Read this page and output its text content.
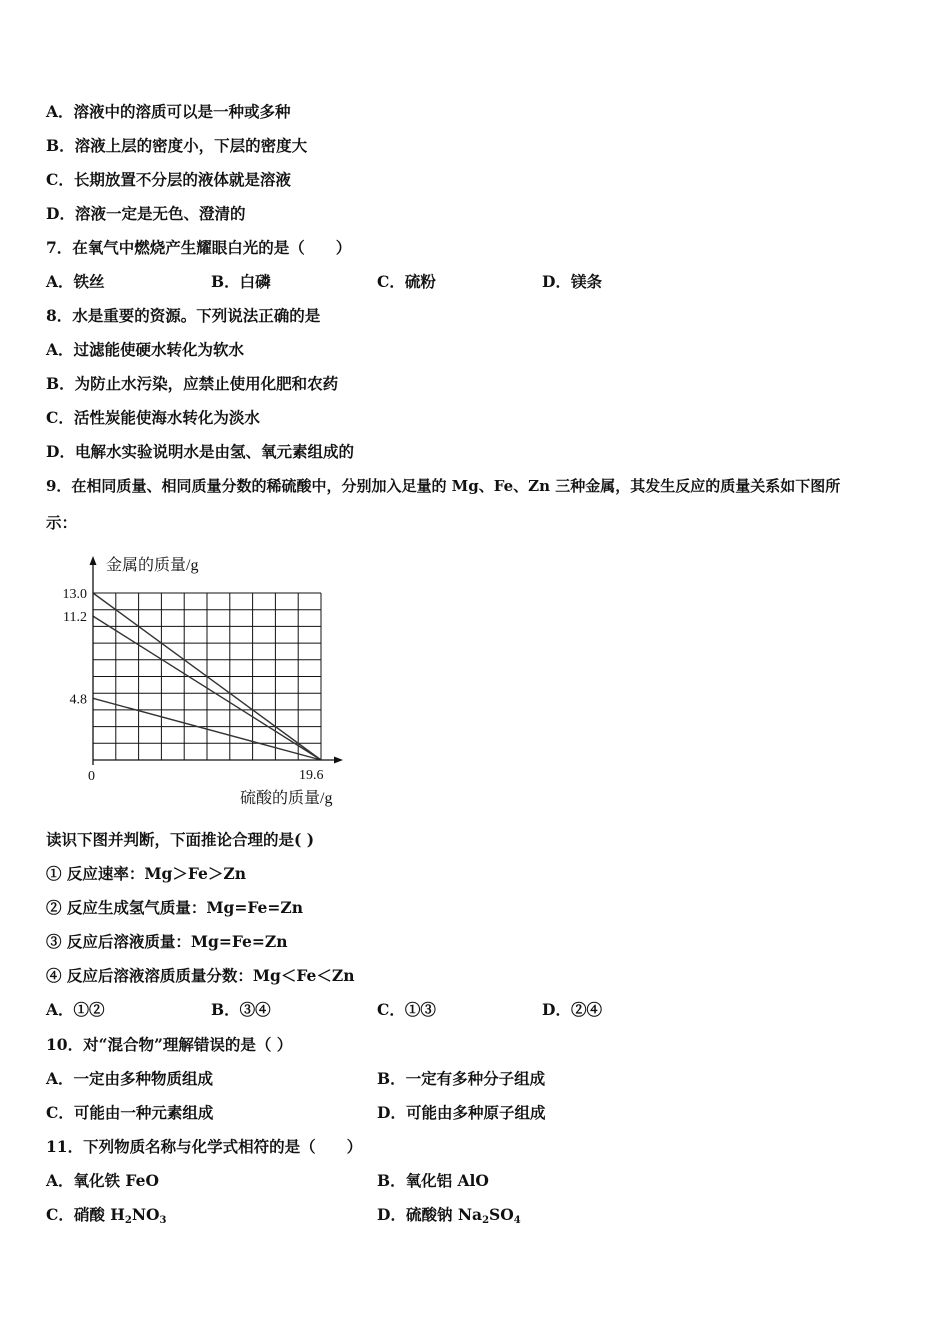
A．溶液中的溶质可以是一种或多种
B．溶液上层的密度小，下层的密度大
C．长期放置不分层的液体就是溶液
D．溶液一定是无色、澄清的
7．在氧气中燃烧产生耀眼白光的是（　　）
A．铁丝	B．白磷	C．硫粉	D．镁条
8．水是重要的资源。下列说法正确的是
A．过滤能使硬水转化为软水
B．为防止水污染，应禁止使用化肥和农药
C．活性炭能使海水转化为淡水
D．电解水实验说明水是由氢、氧元素组成的
9．在相同质量、相同质量分数的稀硫酸中，分别加入足量的 Mg、Fe、Zn 三种金属，其发生反应的质量关系如下图所
示：
金属的质量/g
硫酸的质量/g
0	19.6
13.0
11.2
4.8
读识下图并判断，下面推论合理的是( )
① 反应速率：Mg＞Fe＞Zn
② 反应生成氢气质量：Mg=Fe=Zn
③ 反应后溶液质量：Mg=Fe=Zn
④ 反应后溶液溶质质量分数：Mg＜Fe＜Zn
A．①②	B．③④	C．①③	D．②④
10．对“混合物”理解错误的是（ ）
A．一定由多种物质组成	B．一定有多种分子组成
C．可能由一种元素组成	D．可能由多种原子组成
11．下列物质名称与化学式相符的是（　　）
A．氧化铁 FeO	B．氧化铝 AlO
C．硝酸 $H_2NO_3$	D．硫酸钠 $Na_2SO_4$
